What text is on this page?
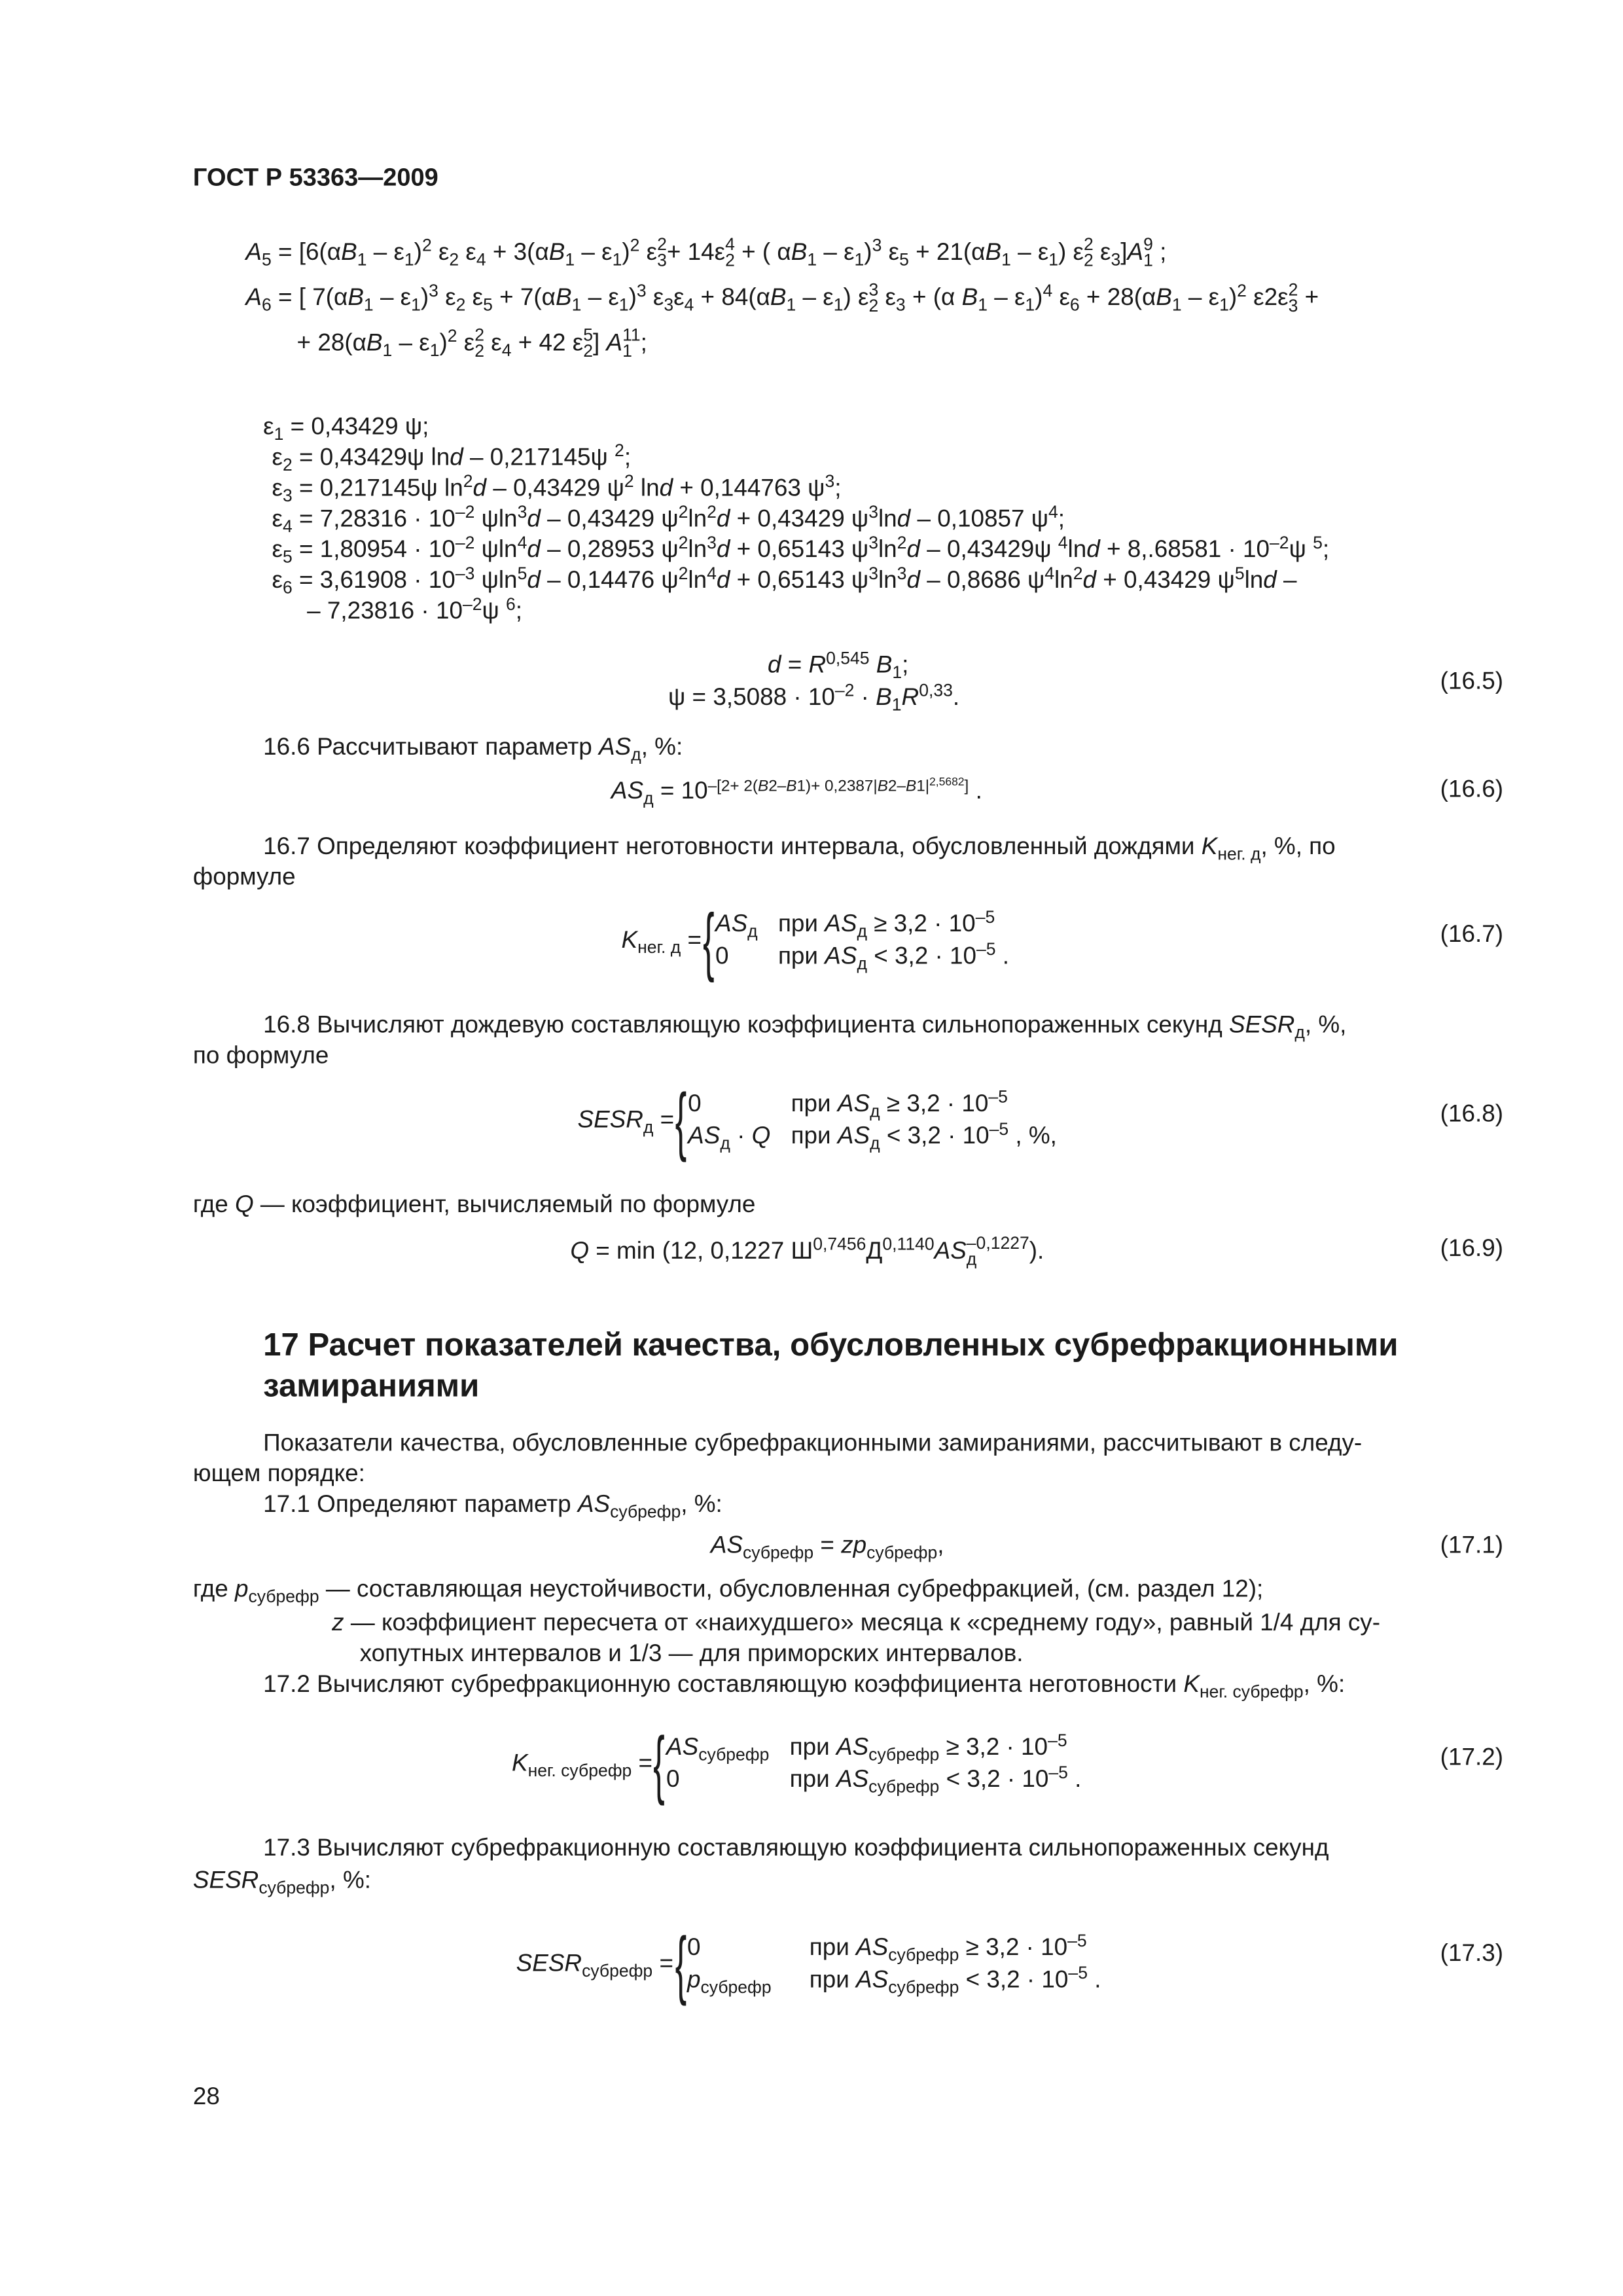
ГОСТ Р 53363—2009
$A_5 = [6(\alpha B_1 - \varepsilon_1)^2$ $\varepsilon_2$ $\varepsilon_4 + 3(\alpha B_1 - \varepsilon_1)^2$ ε 2
3 + 14ε 4
2 + ( $\alpha B_1 - \varepsilon_1)^3$ $\varepsilon_5 + 21(\alpha B_1 - \varepsilon_1)$ ε 2
2 $\varepsilon_3]A$ 9
1 ;
$A_6$ = [ $7(\alpha B_1 - \varepsilon_1)^3$ $\varepsilon_2$ $\varepsilon_5 + 7(\alpha B_1 - \varepsilon_1)^3$ $\varepsilon_3\varepsilon_4 + 84(\alpha B_1 - \varepsilon_1)$ ε 3
2 $\varepsilon_3 + (\alpha$ $B_1 - \varepsilon_1)^4$ $\varepsilon_6 + 28(\alpha B_1 - \varepsilon_1)^2$ ε2ε 2
3 +
+ $28(\alpha B_1 - \varepsilon_1)^2$ ε 2
2 $\varepsilon_4 + 42$ ε 5
2 ] A 11
1 ;
$\varepsilon_1 = 0,43429$ ψ;
$\varepsilon_2 = 0,43429\psi$ lnd – 0,217145ψ $^2$;
$\varepsilon_3 = 0,217145\psi$ $\ln^2d - 0,43429$ $\psi^2$ lnd + 0,144763 $\psi^3$;
$\varepsilon_4 = 7,28316 \cdot 10^{-2}$ ψln$^3$d – 0,43429 $\psi^2\ln^2d + 0,43429$ $\psi^3\ln d - 0,10857$ $\psi^4$;
$\varepsilon_5 = 1,80954 \cdot 10^{-2}$ ψln$^4$d – 0,28953 $\psi^2\ln^3d + 0,65143$ $\psi^3\ln^2d - 0,43429\psi$ $^4\ln d + 8,.68581 \cdot 10^{-2}\psi$ $^5$;
$\varepsilon_6 = 3,61908 \cdot 10^{-3}$ ψln$^5$d – 0,14476 $\psi^2\ln^4d + 0,65143$ $\psi^3\ln^3d - 0,8686$ $\psi^4\ln^2d + 0,43429$ $\psi^5\ln d$ –
– $7,23816 \cdot 10^{-2}\psi$ $^6$;
d = R$^{0,545}$ $B_1$;
$\psi = 3,5088 \cdot 10^{-2} \cdot B_1R^{0,33}$.
(16.5)
16.6 Рассчитывают параметр $AS_д$, %:
$AS_д = 10^{-[2+ 2(B2-B1)+ 0,2387|B2-B1|^{2,5682}]}$ .	(16.6)
16.7 Определяют коэффициент неготовности интервала, обусловленный дождями $K_{нег. д}$, %, по
формуле
$K_{нег. д}$ ={ $AS_д$ при $AS_д \ge 3,2 \cdot 10^{-5}$
0	при $AS_д < 3,2 \cdot 10^{-5}$ .
(16.7)
16.8 Вычисляют дождевую составляющую коэффициента сильнопораженных секунд $SESR_д$, %,
по формуле
$SESR_д$ ={ 0	при $AS_д \ge 3,2 \cdot 10^{-5}$
$AS_д \cdot Q$ при $AS_д < 3,2 \cdot 10^{-5}$ , %,
(16.8)
где Q — коэффициент, вычисляемый по формуле
Q = min (12, 0,1227 $Ш^{0,7456}Д^{0,1140}AS$ –0,1227
д	).	(16.9)
17 Расчет показателей качества, обусловленных субрефракционными
замираниями
Показатели качества, обусловленные субрефракционными замираниями, рассчитывают в следу-
ющем порядке:
17.1 Определяют параметр $AS_{субрефр}$, %:
$AS_{субрефр} = zp_{субрефр}$,	(17.1)
где $p_{субрефр}$ — составляющая неустойчивости, обусловленная субрефракцией, (см. раздел 12);
z — коэффициент пересчета от «наихудшего» месяца к «среднему году», равный 1/4 для су-
хопутных интервалов и 1/3 — для приморских интервалов.
17.2 Вычисляют субрефракционную составляющую коэффициента неготовности $K_{нег. субрефр}$, %:
$K_{нег. субрефр}$ ={ $AS_{субрефр}$ при $AS_{субрефр} \ge 3,2 \cdot 10^{-5}$
0	при $AS_{субрефр} < 3,2 \cdot 10^{-5}$ .
(17.2)
17.3 Вычисляют субрефракционную составляющую коэффициента сильнопораженных секунд
$SESR_{субрефр}$, %:
$SESR_{субрефр}$ ={ 0	при $AS_{субрефр} \ge 3,2 \cdot 10^{-5}$
$p_{субрефр}$	при $AS_{субрефр} < 3,2 \cdot 10^{-5}$ .
(17.3)
28
